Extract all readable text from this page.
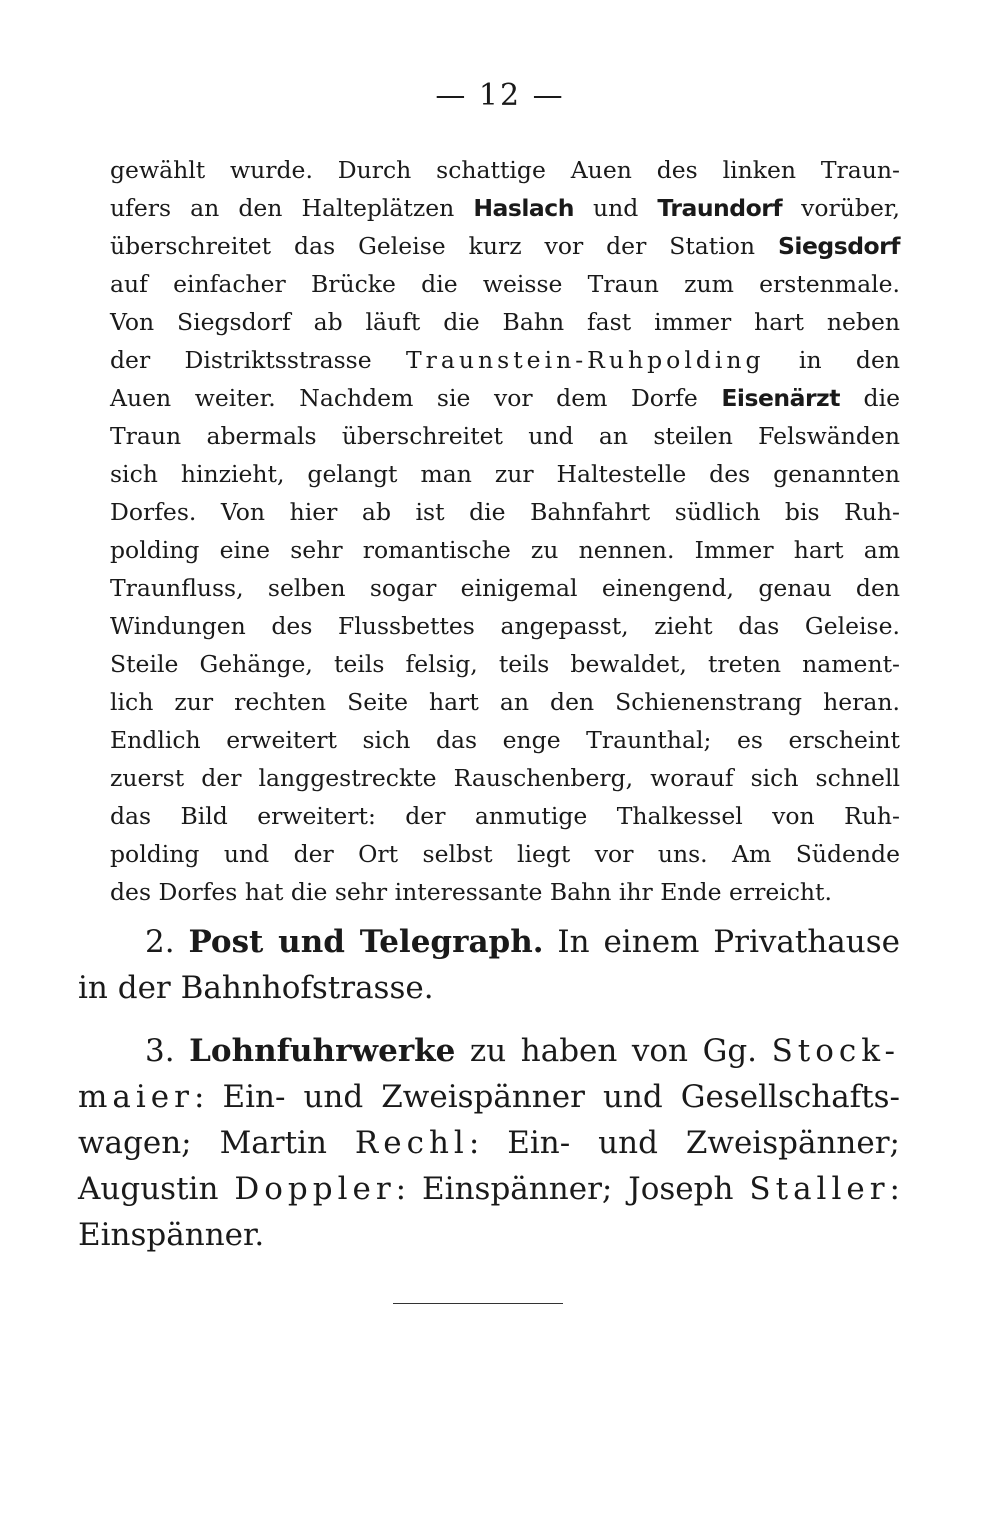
— 12 —
gewählt wurde. Durch schattige Auen des linken Traun-
ufers an den Halteplätzen Haslach und Traundorf vorüber,
überschreitet das Geleise kurz vor der Station Siegsdorf
auf einfacher Brücke die weisse Traun zum erstenmale.
Von Siegsdorf ab läuft die Bahn fast immer hart neben
der Distriktsstrasse Traunstein-Ruhpolding in den
Auen weiter. Nachdem sie vor dem Dorfe Eisenärzt die
Traun abermals überschreitet und an steilen Felswänden
sich hinzieht, gelangt man zur Haltestelle des genannten
Dorfes. Von hier ab ist die Bahnfahrt südlich bis Ruh-
polding eine sehr romantische zu nennen. Immer hart am
Traunfluss, selben sogar einigemal einengend, genau den
Windungen des Flussbettes angepasst, zieht das Geleise.
Steile Gehänge, teils felsig, teils bewaldet, treten nament-
lich zur rechten Seite hart an den Schienenstrang heran.
Endlich erweitert sich das enge Traunthal; es erscheint
zuerst der langgestreckte Rauschenberg, worauf sich schnell
das Bild erweitert: der anmutige Thalkessel von Ruh-
polding und der Ort selbst liegt vor uns. Am Südende
des Dorfes hat die sehr interessante Bahn ihr Ende erreicht.
2. Post und Telegraph. In einem Privathause
in der Bahnhofstrasse.
3. Lohnfuhrwerke zu haben von Gg. Stock-
maier: Ein- und Zweispänner und Gesellschafts-
wagen; Martin Rechl: Ein- und Zweispänner;
Augustin Doppler: Einspänner; Joseph Staller:
Einspänner.
